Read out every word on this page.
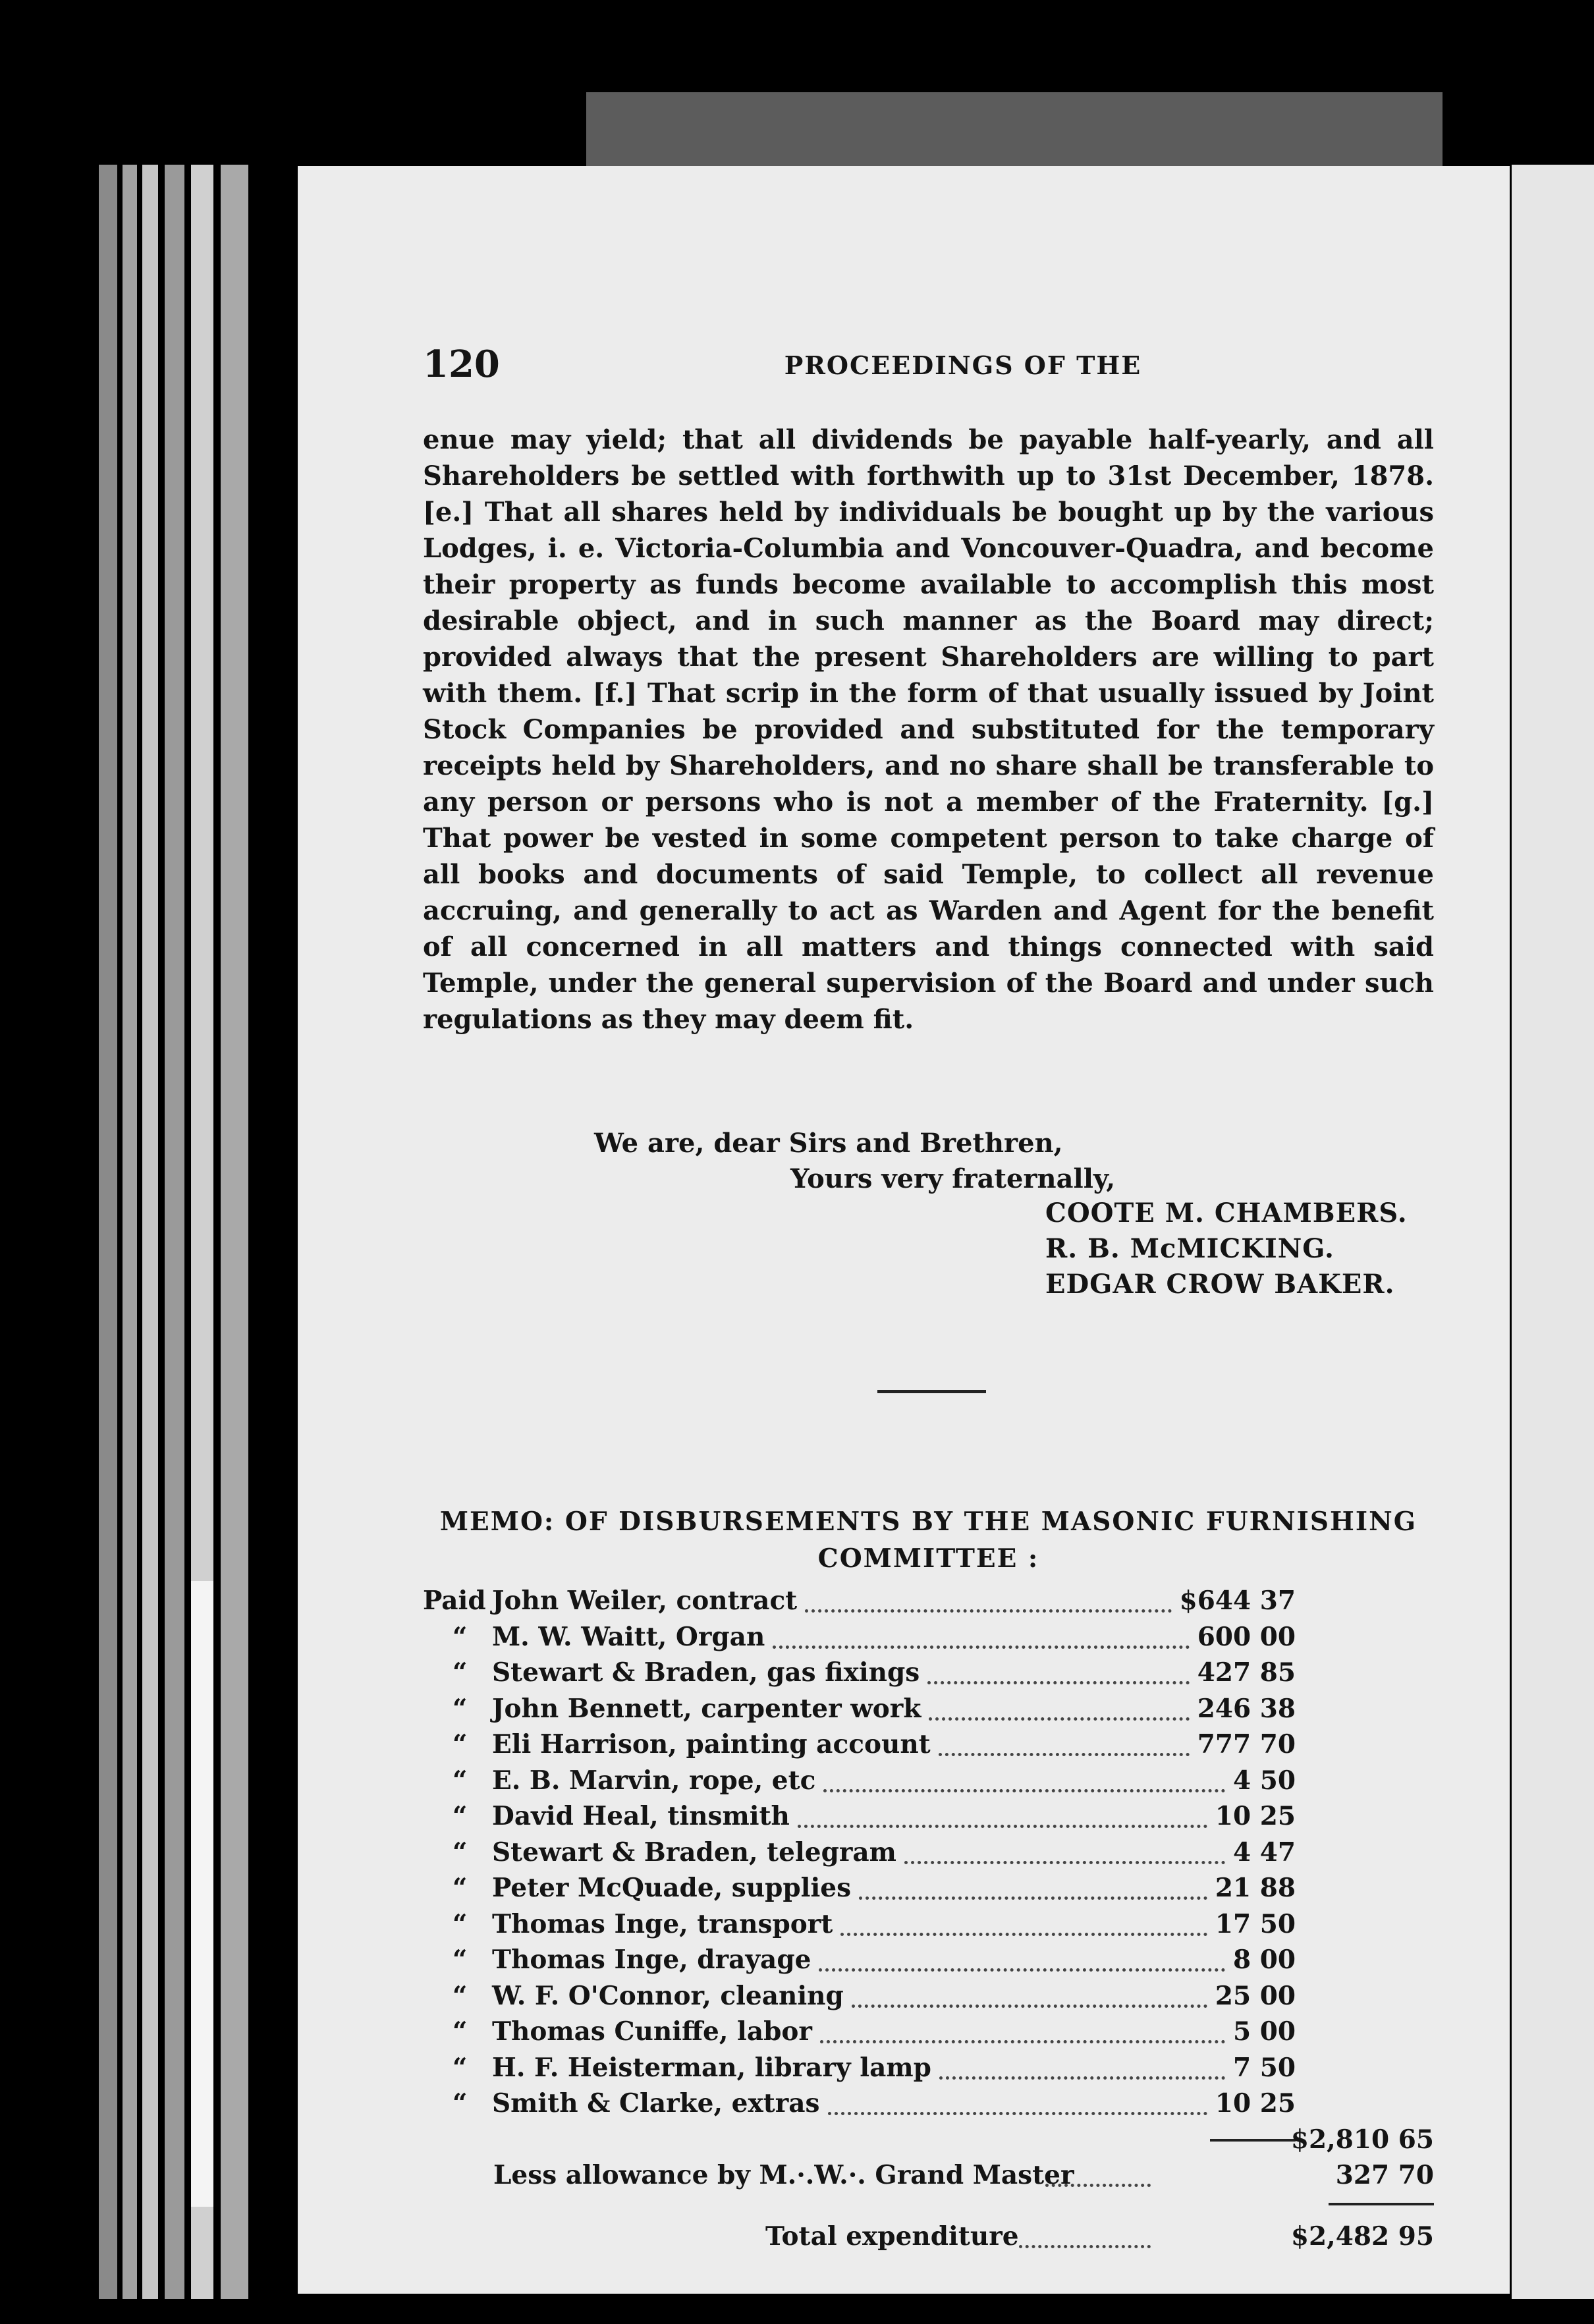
120	PROCEEDINGS OF THE
enue may yield; that all dividends be payable half-yearly, and all Shareholders be settled with forthwith up to 31st December, 1878. [e.] That all shares held by individuals be bought up by the various Lodges, i. e. Victoria-Columbia and Voncouver-Quadra, and become their property as funds become available to accomplish this most desirable object, and in such manner as the Board may direct; provided always that the present Shareholders are willing to part with them. [f.] That scrip in the form of that usually issued by Joint Stock Companies be provided and substituted for the temporary receipts held by Shareholders, and no share shall be transferable to any person or persons who is not a member of the Fraternity. [g.] That power be vested in some competent person to take charge of all books and documents of said Temple, to collect all revenue accruing, and generally to act as Warden and Agent for the benefit of all concerned in all matters and things connected with said Temple, under the general supervision of the Board and under such regulations as they may deem fit.
We are, dear Sirs and Brethren,
Yours very fraternally,
COOTE M. CHAMBERS.
R. B. McMICKING.
EDGAR CROW BAKER.
MEMO: OF DISBURSEMENTS BY THE MASONIC FURNISHING
COMMITTEE :
Paid John Weiler, contract	$644 37
“ M. W. Waitt, Organ	600 00
“ Stewart & Braden, gas fixings	427 85
“ John Bennett, carpenter work	246 38
“ Eli Harrison, painting account	777 70
“ E. B. Marvin, rope, etc	4 50
“ David Heal, tinsmith	10 25
“ Stewart & Braden, telegram	4 47
“ Peter McQuade, supplies	21 88
“ Thomas Inge, transport	17 50
“ Thomas Inge, drayage	8 00
“ W. F. O'Connor, cleaning	25 00
“ Thomas Cuniffe, labor	5 00
“ H. F. Heisterman, library lamp	7 50
“ Smith & Clarke, extras	10 25
$2,810 65
Less allowance by M.·.W.·. Grand Master	327 70
Total expenditure	$2,482 95
